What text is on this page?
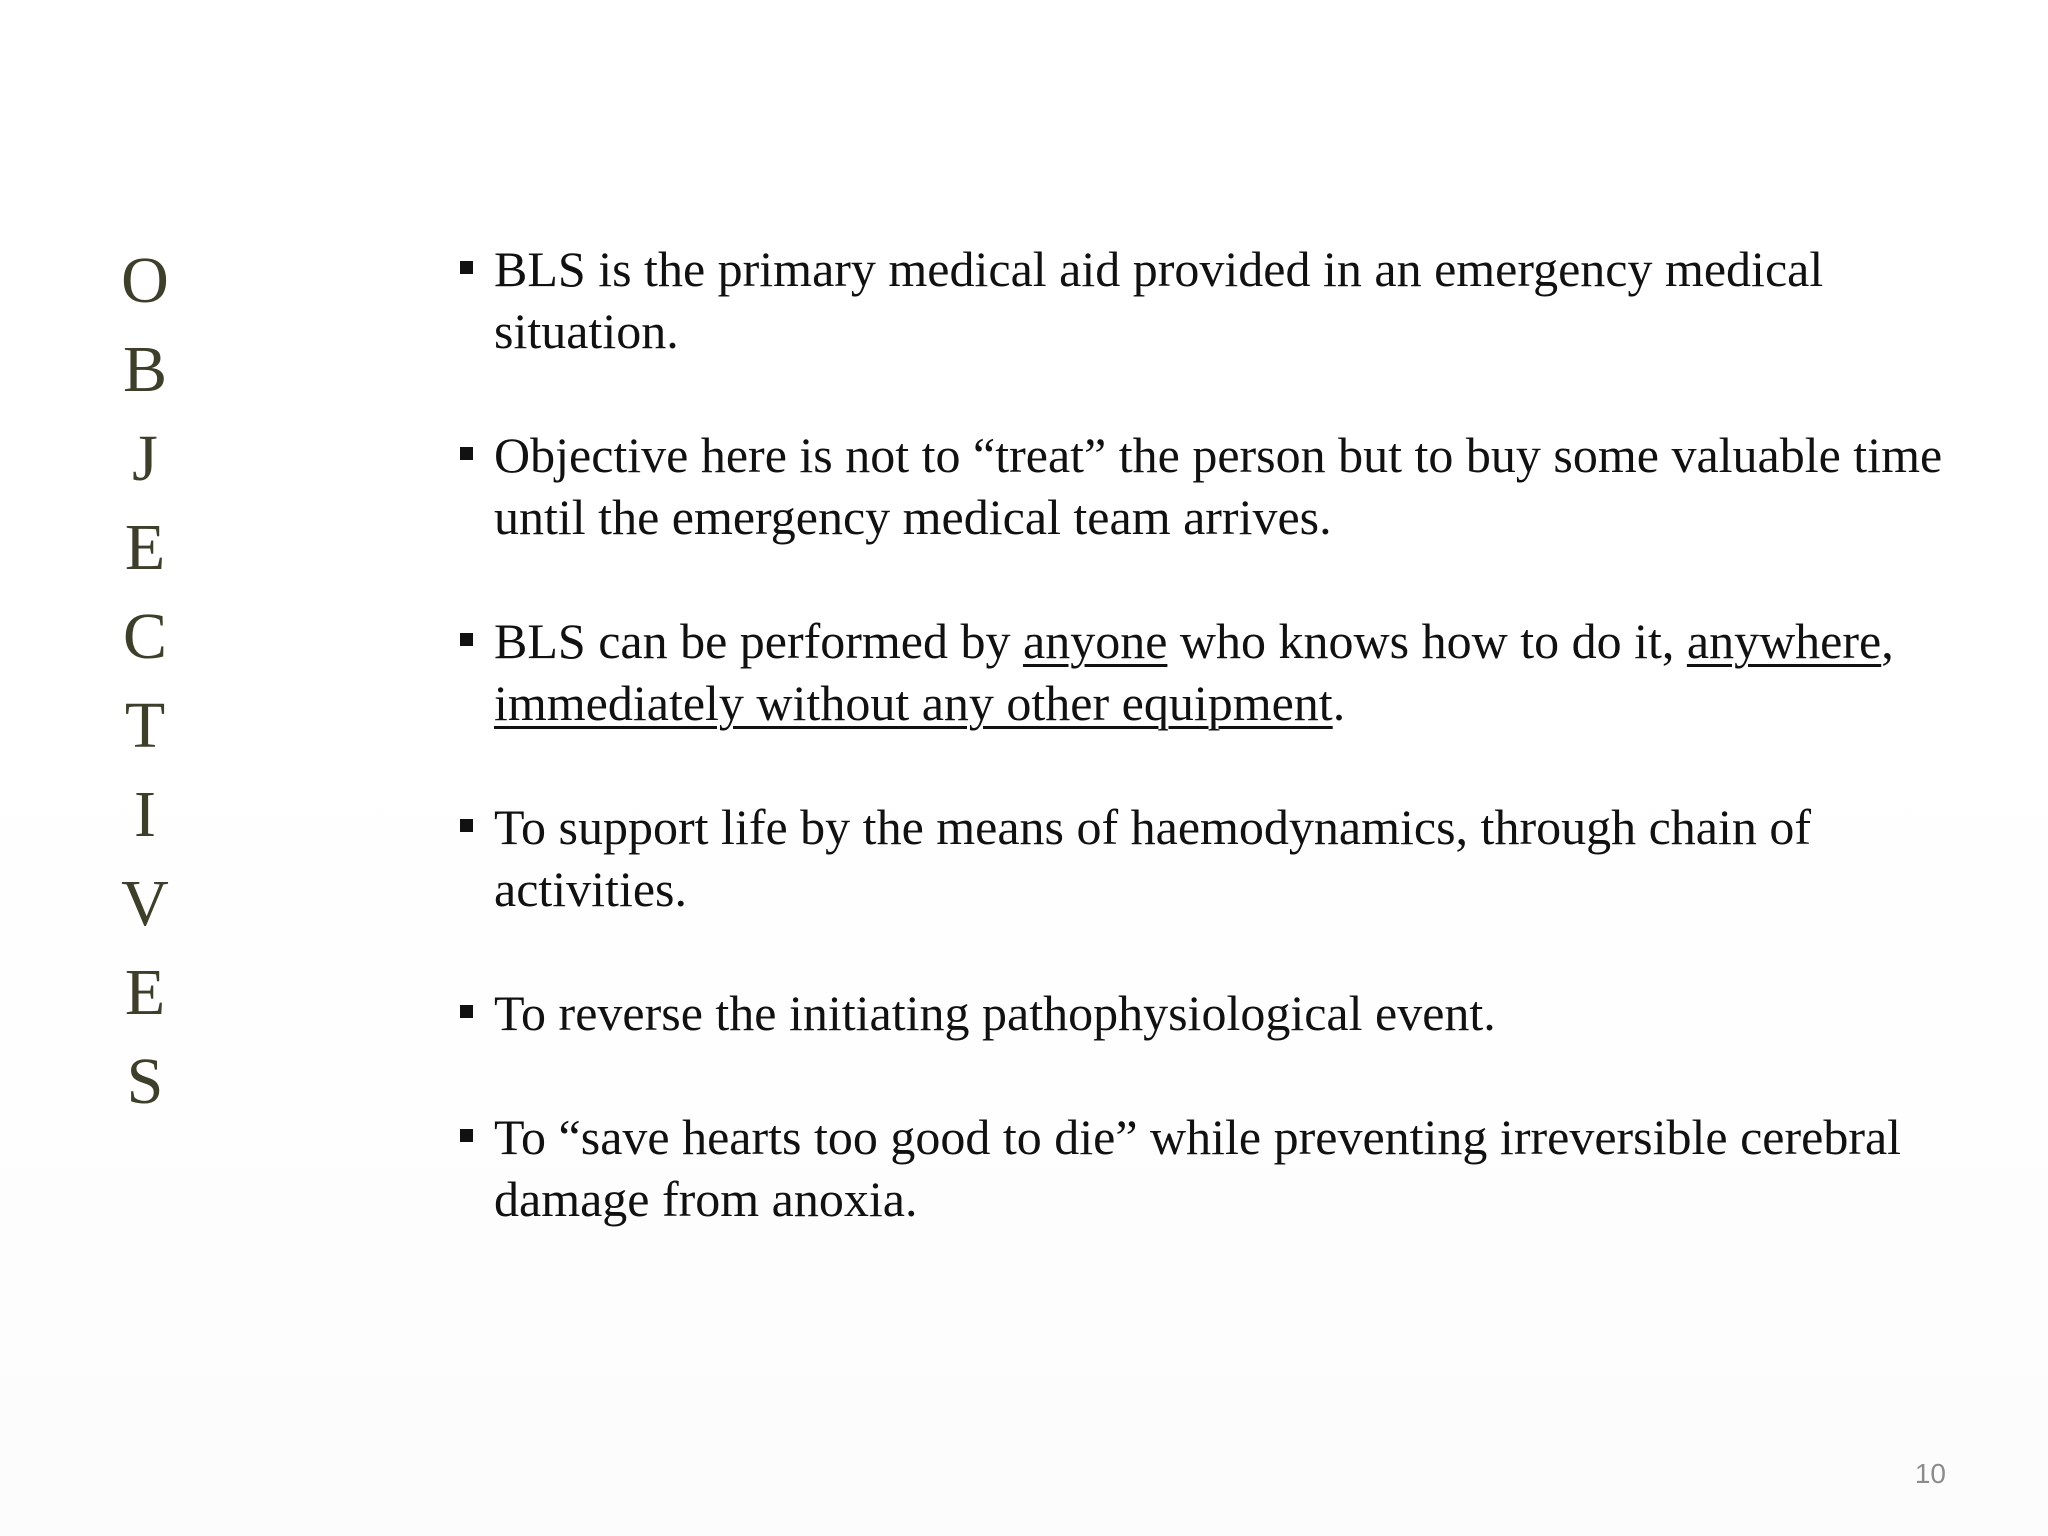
O
B
J
E
C
T
I
V
E
S
BLS is the primary medical aid provided in an emergency medical situation.
Objective here is not to “treat” the person but to buy some valuable time until the emergency medical team arrives.
BLS can be performed by anyone who knows how to do it, anywhere, immediately without any other equipment.
To support life by the means of haemodynamics, through chain of activities.
To reverse the initiating pathophysiological event.
To “save hearts too good to die” while preventing irreversible cerebral damage from anoxia.
10
